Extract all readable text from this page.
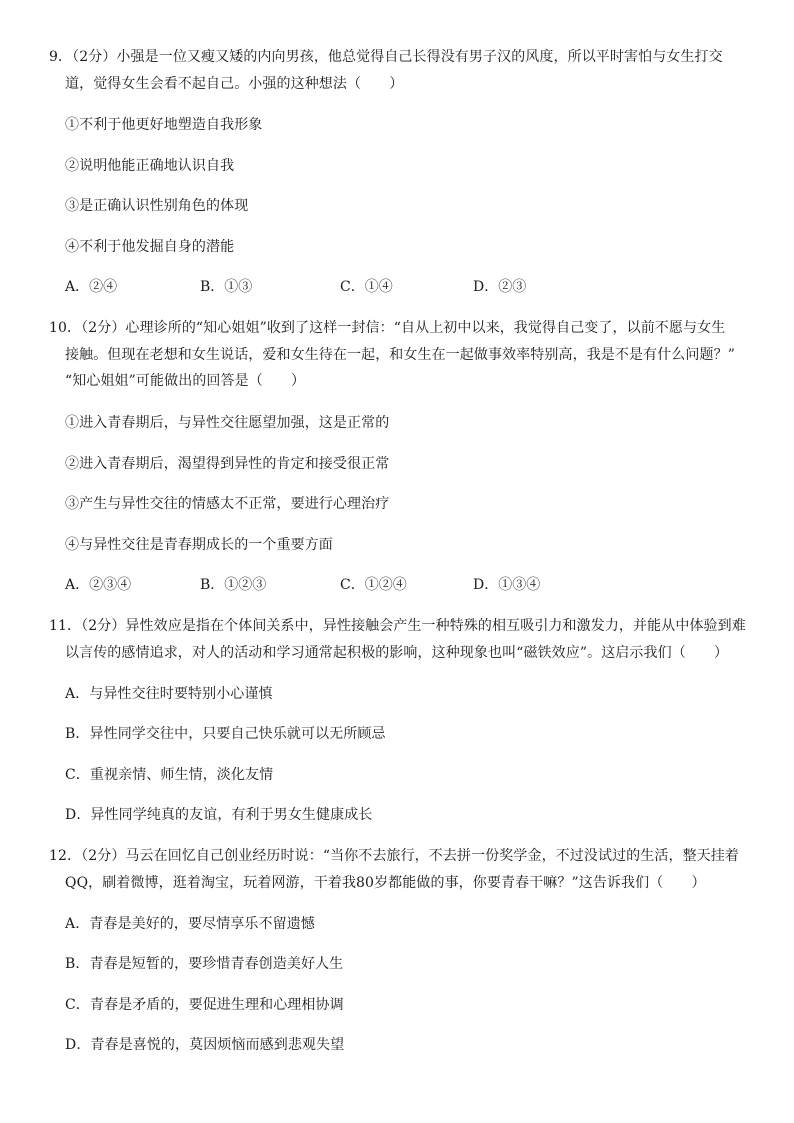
9．（2分）小强是一位又瘦又矮的内向男孩，他总觉得自己长得没有男子汉的风度，所以平时害怕与女生打交
道，觉得女生会看不起自己。小强的这种想法（　　）
①不利于他更好地塑造自我形象
②说明他能正确地认识自我
③是正确认识性别角色的体现
④不利于他发掘自身的潜能
A．②④	B．①③	C．①④	D．②③
10．（2分）心理诊所的“知心姐姐”收到了这样一封信：“自从上初中以来，我觉得自己变了，以前不愿与女生
接触。但现在老想和女生说话，爱和女生待在一起，和女生在一起做事效率特别高，我是不是有什么问题？”
“知心姐姐”可能做出的回答是（　　）
①进入青春期后，与异性交往愿望加强，这是正常的
②进入青春期后，渴望得到异性的肯定和接受很正常
③产生与异性交往的情感太不正常，要进行心理治疗
④与异性交往是青春期成长的一个重要方面
A．②③④	B．①②③	C．①②④	D．①③④
11．（2分）异性效应是指在个体间关系中，异性接触会产生一种特殊的相互吸引力和激发力，并能从中体验到难
以言传的感情追求，对人的活动和学习通常起积极的影响，这种现象也叫“磁铁效应”。这启示我们（　　）
A．与异性交往时要特别小心谨慎
B．异性同学交往中，只要自己快乐就可以无所顾忌
C．重视亲情、师生情，淡化友情
D．异性同学纯真的友谊，有利于男女生健康成长
12．（2分）马云在回忆自己创业经历时说：“当你不去旅行，不去拼一份奖学金，不过没试过的生活，整天挂着
QQ，刷着微博，逛着淘宝，玩着网游，干着我80岁都能做的事，你要青春干嘛？”这告诉我们（　　）
A．青春是美好的，要尽情享乐不留遗憾
B．青春是短暂的，要珍惜青春创造美好人生
C．青春是矛盾的，要促进生理和心理相协调
D．青春是喜悦的，莫因烦恼而感到悲观失望
